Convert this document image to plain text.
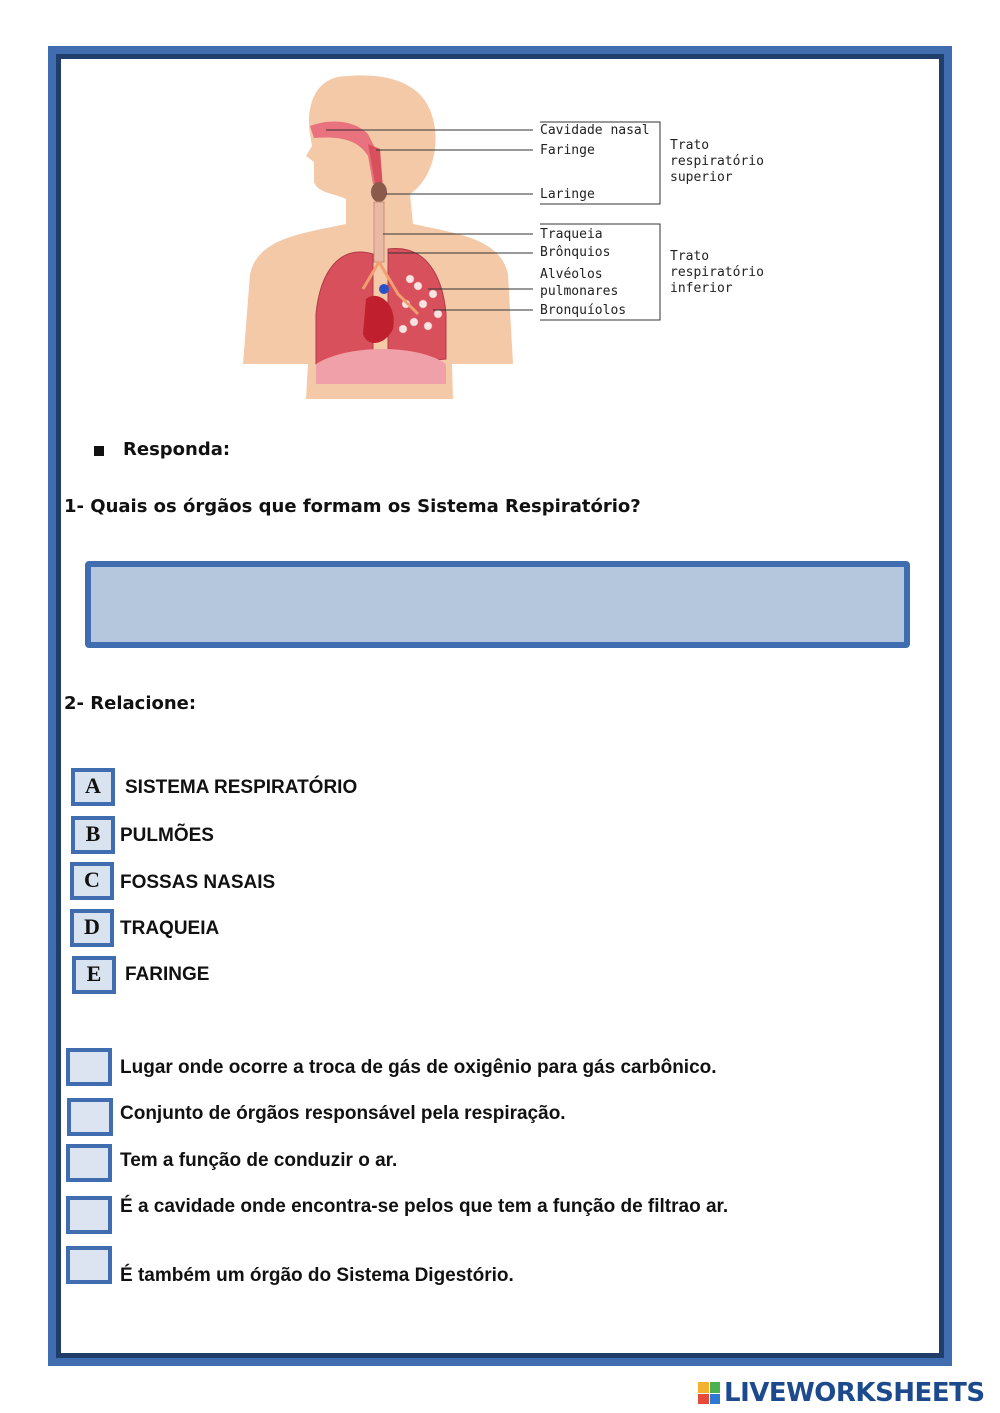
Cavidade nasal
Faringe
Laringe
Traqueia
Brônquios
Alvéolos
pulmonares
Bronquíolos
Trato
respiratório
superior
Trato
respiratório
inferior
Responda:
1- Quais os órgãos que formam os Sistema Respiratório?
2- Relacione:
A	SISTEMA RESPIRATÓRIO
B	PULMÕES
C	FOSSAS NASAIS
D	TRAQUEIA
E	FARINGE
Lugar onde ocorre a troca de gás de oxigênio para gás carbônico.
Conjunto de órgãos responsável pela respiração.
Tem a função de conduzir o ar.
É a cavidade onde encontra-se pelos que tem a função de filtrao ar.
É também um órgão do Sistema Digestório.
LIVEWORKSHEETS
